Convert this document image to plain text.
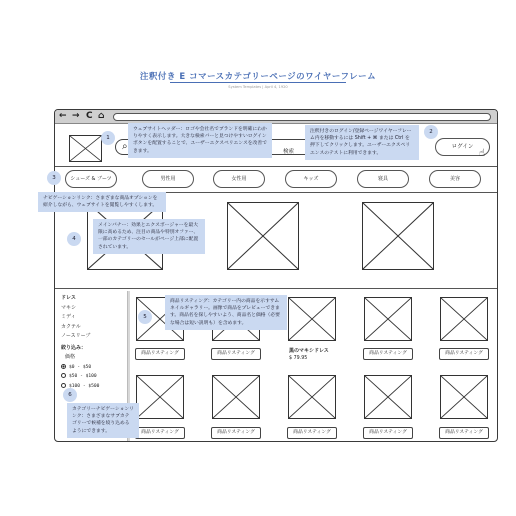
注釈付き E コマースカテゴリーページのワイヤーフレーム
System Templates | April 4, 1920
← → C ⌂
⌕	検索
ログイン
☝
シューズ & ブーツ	男性用	女性用	キッズ	寝具	美容
ドレス
マキシ
ミディ
カクテル
ノースリーブ
絞り込み：
価格
$0 - $50
$50 - $100
$100 - $500
商品リスティング	商品リスティング	黒のマキシドレス
$ 79.95
商品リスティング	商品リスティング
商品リスティング	商品リスティング	商品リスティング	商品リスティング	商品リスティング
1
ウェブサイトヘッダー：ロゴや会社名でブランドを明確にわかりやすく表示します。大きな検索バーと見つけやすいログインボタンを配置することで、ユーザーエクスペリエンスを改善できます。
2
注釈付きのログイン/登録ページワイヤーフレーム内を移動するには Shift + ⌘ または Ctrl を押下してクリックします。ユーザーエクスペリエンスのテストに利用できます。
3
ナビゲーションリンク：さまざまな商品オプションを紹介しながら、ウェブサイトを閲覧しやすくします。
4
メインバナー：効果とエクスポージャーを最大限に高めるため、注目の商品や特別オファー、一部のカテゴリーのセールがページ上部に配置されています。
5
商品リスティング：カテゴリー内の商品を示すサムネイルギャラリー。画像で商品をプレビューできます。商品名を探しやすいよう、商品名と価格（必要な場合は短い説明も）を含めます。
6
カテゴリーナビゲーションリンク：さまざまなサブカテゴリーで候補を絞り込めるようにできます。
